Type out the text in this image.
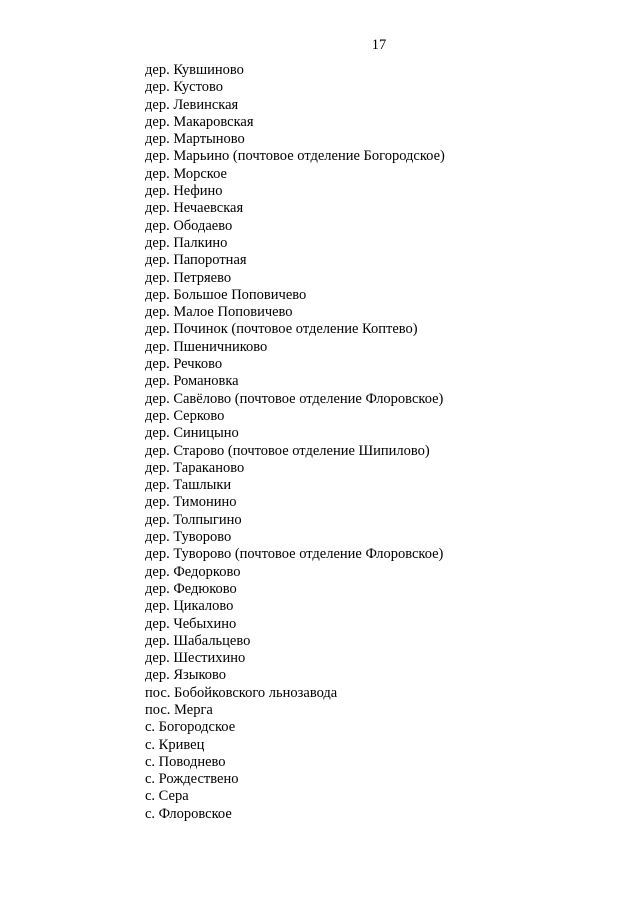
17
дер. Кувшиново
дер. Кустово
дер. Левинская
дер. Макаровская
дер. Мартыново
дер. Марьино (почтовое отделение Богородское)
дер. Морское
дер. Нефино
дер. Нечаевская
дер. Ободаево
дер. Палкино
дер. Папоротная
дер. Петряево
дер. Большое Поповичево
дер. Малое Поповичево
дер. Починок (почтовое отделение Коптево)
дер. Пшеничниково
дер. Речково
дер. Романовка
дер. Савёлово (почтовое отделение Флоровское)
дер. Серково
дер. Синицыно
дер. Старово (почтовое отделение Шипилово)
дер. Тараканово
дер. Ташлыки
дер. Тимонино
дер. Толпыгино
дер. Туворово
дер. Туворово (почтовое отделение Флоровское)
дер. Федорково
дер. Федюково
дер. Цикалово
дер. Чебыхино
дер. Шабальцево
дер. Шестихино
дер. Языково
пос. Бобойковского льнозавода
пос. Мерга
с. Богородское
с. Кривец
с. Поводнево
с. Рождествено
с. Сера
с. Флоровское
